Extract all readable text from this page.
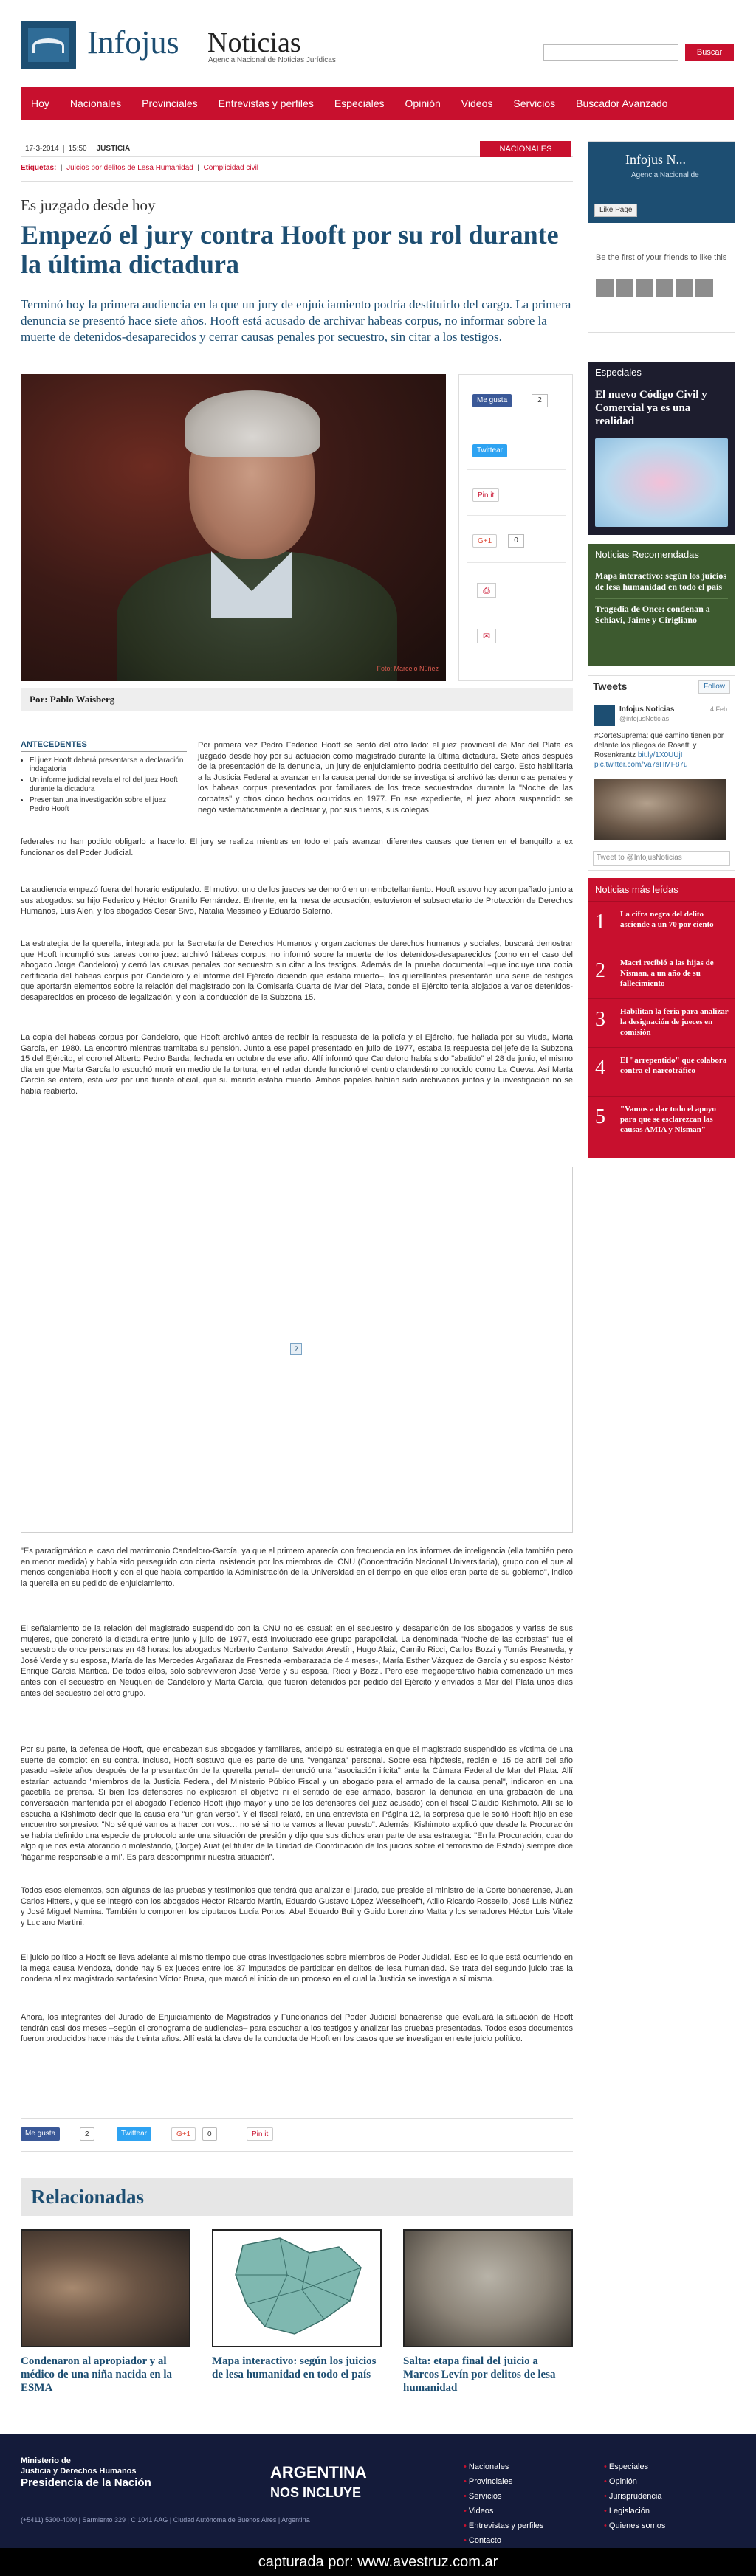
Infojus Noticias
Agencia Nacional de Noticias Jurídicas
Buscar
Hoy	Nacionales	Provinciales	Entrevistas y perfiles	Especiales	Opinión	Videos	Servicios	Buscador Avanzado
17-3-2014	15:50	JUSTICIA	NACIONALES
Etiquetas:  |  Juicios por delitos de Lesa Humanidad  |  Complicidad civil
Es juzgado desde hoy
Empezó el jury contra Hooft por su rol durante la última dictadura
Terminó hoy la primera audiencia en la que un jury de enjuiciamiento podría destituirlo del cargo. La primera denuncia se presentó hace siete años. Hooft está acusado de archivar habeas corpus, no informar sobre la muerte de detenidos-desaparecidos y cerrar causas penales por secuestro, sin citar a los testigos.
Foto: Marcelo Núñez
Me gusta	2
Twittear
Pin it
G+1	0
⎙
✉
Por: Pablo Waisberg
ANTECEDENTES
• El juez Hooft deberá presentarse a declaración indagatoria
• Un informe judicial revela el rol del juez Hooft durante la dictadura
• Presentan una investigación sobre el juez Pedro Hooft

Por primera vez Pedro Federico Hooft se sentó del otro lado: el juez provincial de Mar del Plata es juzgado desde hoy por su actuación como magistrado durante la última dictadura. Siete años después de la presentación de la denuncia, un jury de enjuiciamiento podría destituirlo del cargo. Esto habilitaría a la Justicia Federal a avanzar en la causa penal donde se investiga si archivó las denuncias penales y los habeas corpus presentados por familiares de los trece secuestrados durante la "Noche de las corbatas" y otros cinco hechos ocurridos en 1977. En ese expediente, el juez ahora suspendido se negó sistemáticamente a declarar y, por sus fueros, sus colegas

federales no han podido obligarlo a hacerlo. El jury se realiza mientras en todo el país avanzan diferentes causas que tienen en el banquillo a ex funcionarios del Poder Judicial.

La audiencia empezó fuera del horario estipulado. El motivo: uno de los jueces se demoró en un embotellamiento. Hooft estuvo hoy acompañado junto a sus abogados: su hijo Federico y Héctor Granillo Fernández. Enfrente, en la mesa de acusación, estuvieron el subsecretario de Protección de Derechos Humanos, Luis Alén, y los abogados César Sivo, Natalia Messineo y Eduardo Salerno.

La estrategia de la querella, integrada por la Secretaría de Derechos Humanos y organizaciones de derechos humanos y sociales, buscará demostrar que Hooft incumplió sus tareas como juez: archivó hábeas corpus, no informó sobre la muerte de los detenidos-desaparecidos (como en el caso del abogado Jorge Candeloro) y cerró las causas penales por secuestro sin citar a los testigos. Además de la prueba documental –que incluye una copia certificada del habeas corpus por Candeloro y el informe del Ejército diciendo que estaba muerto–, los querellantes presentarán una serie de testigos que aportarán elementos sobre la relación del magistrado con la Comisaría Cuarta de Mar del Plata, donde el Ejército tenía alojados a varios detenidos-desaparecidos en proceso de legalización, y con la conducción de la Subzona 15.

La copia del habeas corpus por Candeloro, que Hooft archivó antes de recibir la respuesta de la policía y el Ejército, fue hallada por su viuda, Marta García, en 1980. La encontró mientras tramitaba su pensión. Junto a ese papel presentado en julio de 1977, estaba la respuesta del jefe de la Subzona 15 del Ejército, el coronel Alberto Pedro Barda, fechada en octubre de ese año. Allí informó que Candeloro había sido "abatido" el 28 de junio, el mismo día en que Marta García lo escuchó morir en medio de la tortura, en el radar donde funcionó el centro clandestino conocido como La Cueva. Así Marta García se enteró, esta vez por una fuente oficial, que su marido estaba muerto. Ambos papeles habían sido archivados juntos y la investigación no se había reabierto.

?

"Es paradigmático el caso del matrimonio Candeloro-García, ya que el primero aparecía con frecuencia en los informes de inteligencia (ella también pero en menor medida) y había sido perseguido con cierta insistencia por los miembros del CNU (Concentración Nacional Universitaria), grupo con el que al menos congeniaba Hooft y con el que había compartido la Administración de la Universidad en el tiempo en que ellos eran parte de su gobierno", indicó la querella en su pedido de enjuiciamiento.

El señalamiento de la relación del magistrado suspendido con la CNU no es casual: en el secuestro y desaparición de los abogados y varias de sus mujeres, que concretó la dictadura entre junio y julio de 1977, está involucrado ese grupo parapolicial. La denominada "Noche de las corbatas" fue el secuestro de once personas en 48 horas: los abogados Norberto Centeno, Salvador Arestín, Hugo Alaiz, Camilo Ricci, Carlos Bozzi y Tomás Fresneda, y José Verde y su esposa, María de las Mercedes Argañaraz de Fresneda -embarazada de 4 meses-, María Esther Vázquez de García y su esposo Néstor Enrique García Mantica. De todos ellos, solo sobrevivieron José Verde y su esposa, Ricci y Bozzi. Pero ese megaoperativo había comenzado un mes antes con el secuestro en Neuquén de Candeloro y Marta García, que fueron detenidos por pedido del Ejército y enviados a Mar del Plata unos días antes del secuestro del otro grupo.

Por su parte, la defensa de Hooft, que encabezan sus abogados y familiares, anticipó su estrategia en que el magistrado suspendido es víctima de una suerte de complot en su contra. Incluso, Hooft sostuvo que es parte de una "venganza" personal. Sobre esa hipótesis, recién el 15 de abril del año pasado –siete años después de la presentación de la querella penal– denunció una "asociación ilícita" ante la Cámara Federal de Mar del Plata. Allí estarían actuando "miembros de la Justicia Federal, del Ministerio Público Fiscal y un abogado para el armado de la causa penal", indicaron en una gacetilla de prensa. Si bien los defensores no explicaron el objetivo ni el sentido de ese armado, basaron la denuncia en una grabación de una conversación mantenida por el abogado Federico Hooft (hijo mayor y uno de los defensores del juez acusado) con el fiscal Claudio Kishimoto. Allí se lo escucha a Kishimoto decir que la causa era "un gran verso". Y el fiscal relató, en una entrevista en Página 12, la sorpresa que le soltó Hooft hijo en ese encuentro sorpresivo: "No sé qué vamos a hacer con vos… no sé si no te vamos a llevar puesto". Además, Kishimoto explicó que desde la Procuración se había definido una especie de protocolo ante una situación de presión y dijo que sus dichos eran parte de esa estrategia: "En la Procuración, cuando algo que nos está atorando o molestando, (Jorge) Auat (el titular de la Unidad de Coordinación de los juicios sobre el terrorismo de Estado) siempre dice 'háganme responsable a mí'. Es para descomprimir nuestra situación".

Todos esos elementos, son algunas de las pruebas y testimonios que tendrá que analizar el jurado, que preside el ministro de la Corte bonaerense, Juan Carlos Hitters, y que se integró con los abogados Héctor Ricardo Martín, Eduardo Gustavo López Wesselhoefft, Atilio Ricardo Rossello, José Luis Núñez y José Miguel Nemina. También lo componen los diputados Lucía Portos, Abel Eduardo Buil y Guido Lorenzino Matta y los senadores Héctor Luis Vitale y Luciano Martini.

El juicio político a Hooft se lleva adelante al mismo tiempo que otras investigaciones sobre miembros de Poder Judicial. Eso es lo que está ocurriendo en la mega causa Mendoza, donde hay 5 ex jueces entre los 37 imputados de participar en delitos de lesa humanidad. Se trata del segundo juicio tras la condena al ex magistrado santafesino Víctor Brusa, que marcó el inicio de un proceso en el cual la Justicia se investiga a sí misma.

Ahora, los integrantes del Jurado de Enjuiciamiento de Magistrados y Funcionarios del Poder Judicial bonaerense que evaluará la situación de Hooft tendrán casi dos meses –según el cronograma de audiencias– para escuchar a los testigos y analizar las pruebas presentadas. Todos esos documentos fueron producidos hace más de treinta años. Allí está la clave de la conducta de Hooft en los casos que se investigan en este juicio político.

Me gusta	2	Twittear	G+1	0	Pin it
Relacionadas
Condenaron al apropiador y al médico de una niña nacida en la ESMA
Mapa interactivo: según los juicios de lesa humanidad en todo el país
Salta: etapa final del juicio a Marcos Levín por delitos de lesa humanidad
Infojus N...
Agencia Nacional de
Like Page
Be the first of your friends to like this
Especiales
El nuevo Código Civil y Comercial ya es una realidad
Noticias Recomendadas
Mapa interactivo: según los juicios de lesa humanidad en todo el país
Tragedia de Once: condenan a Schiavi, Jaime y Cirigliano
Tweets	Follow
Infojus Noticias
@infojusNoticias
4 Feb
#CorteSuprema: qué camino tienen por delante los pliegos de Rosatti y Rosenkrantz bit.ly/1X0UUjI pic.twitter.com/Va7sHMF87u
Tweet to @InfojusNoticias
Noticias más leídas
1 La cifra negra del delito asciende a un 70 por ciento
2 Macri recibió a las hijas de Nisman, a un año de su fallecimiento
3 Habilitan la feria para analizar la designación de jueces en comisión
4 El "arrepentido" que colabora contra el narcotráfico
5 "Vamos a dar todo el apoyo para que se esclarezcan las causas AMIA y Nisman"
Ministerio de
Justicia y Derechos Humanos
Presidencia de la Nación
(+5411) 5300-4000 | Sarmiento 329 | C 1041 AAG | Ciudad Autónoma de Buenos Aires | Argentina
ARGENTINA
NOS INCLUYE
• Nacionales
• Provinciales
• Servicios
• Videos
• Entrevistas y perfiles
• Contacto
• Especiales
• Opinión
• Jurisprudencia
• Legislación
• Quienes somos
capturada por: www.avestruz.com.ar
